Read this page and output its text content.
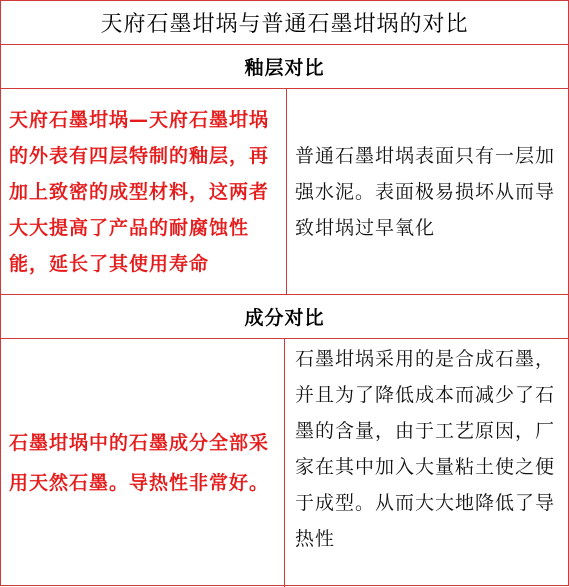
天府石墨坩埚与普通石墨坩埚的对比
釉层对比
天府石墨坩埚—天府石墨坩埚的外表有四层特制的釉层，再加上致密的成型材料，这两者大大提高了产品的耐腐蚀性能，延长了其使用寿命
普通石墨坩埚表面只有一层加强水泥。表面极易损坏从而导致坩埚过早氧化
成分对比
石墨坩埚中的石墨成分全部采用天然石墨。导热性非常好。
石墨坩埚采用的是合成石墨，并且为了降低成本而减少了石墨的含量，由于工艺原因，厂家在其中加入大量粘土使之便于成型。从而大大地降低了导热性
